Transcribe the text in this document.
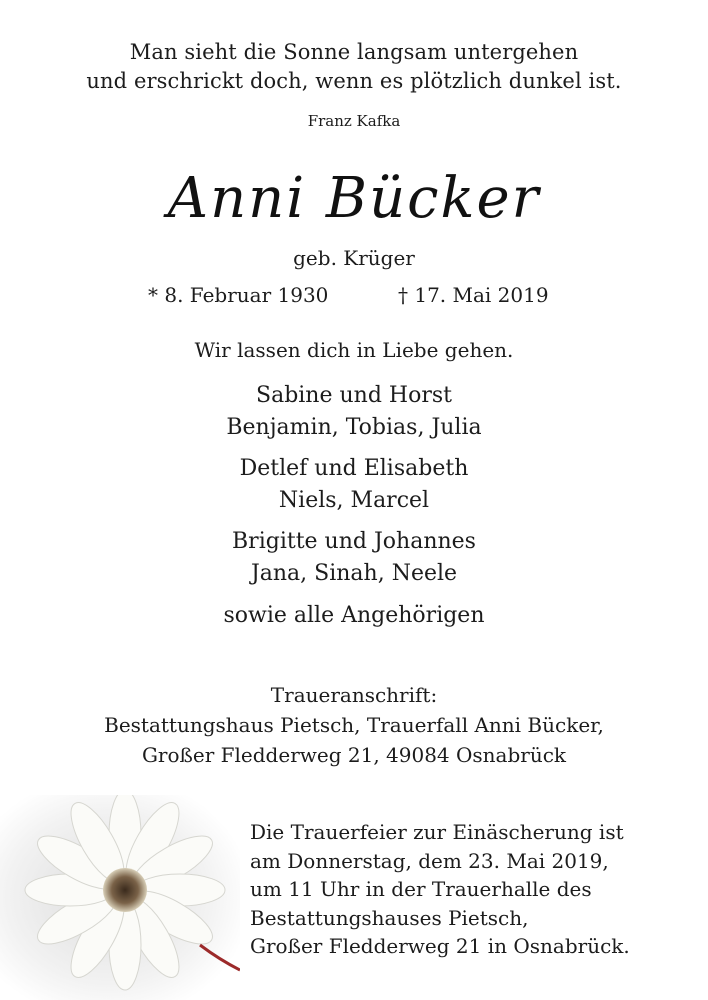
Man sieht die Sonne langsam untergehen
und erschrickt doch, wenn es plötzlich dunkel ist.
Franz Kafka
Anni Bücker
geb. Krüger
* 8. Februar 1930	† 17. Mai 2019
Wir lassen dich in Liebe gehen.
Sabine und Horst
Benjamin, Tobias, Julia
Detlef und Elisabeth
Niels, Marcel
Brigitte und Johannes
Jana, Sinah, Neele
sowie alle Angehörigen
Traueranschrift:
Bestattungshaus Pietsch, Trauerfall Anni Bücker,
Großer Fledderweg 21, 49084 Osnabrück
Die Trauerfeier zur Einäscherung ist
am Donnerstag, dem 23. Mai 2019,
um 11 Uhr in der Trauerhalle des
Bestattungshauses Pietsch,
Großer Fledderweg 21 in Osnabrück.
